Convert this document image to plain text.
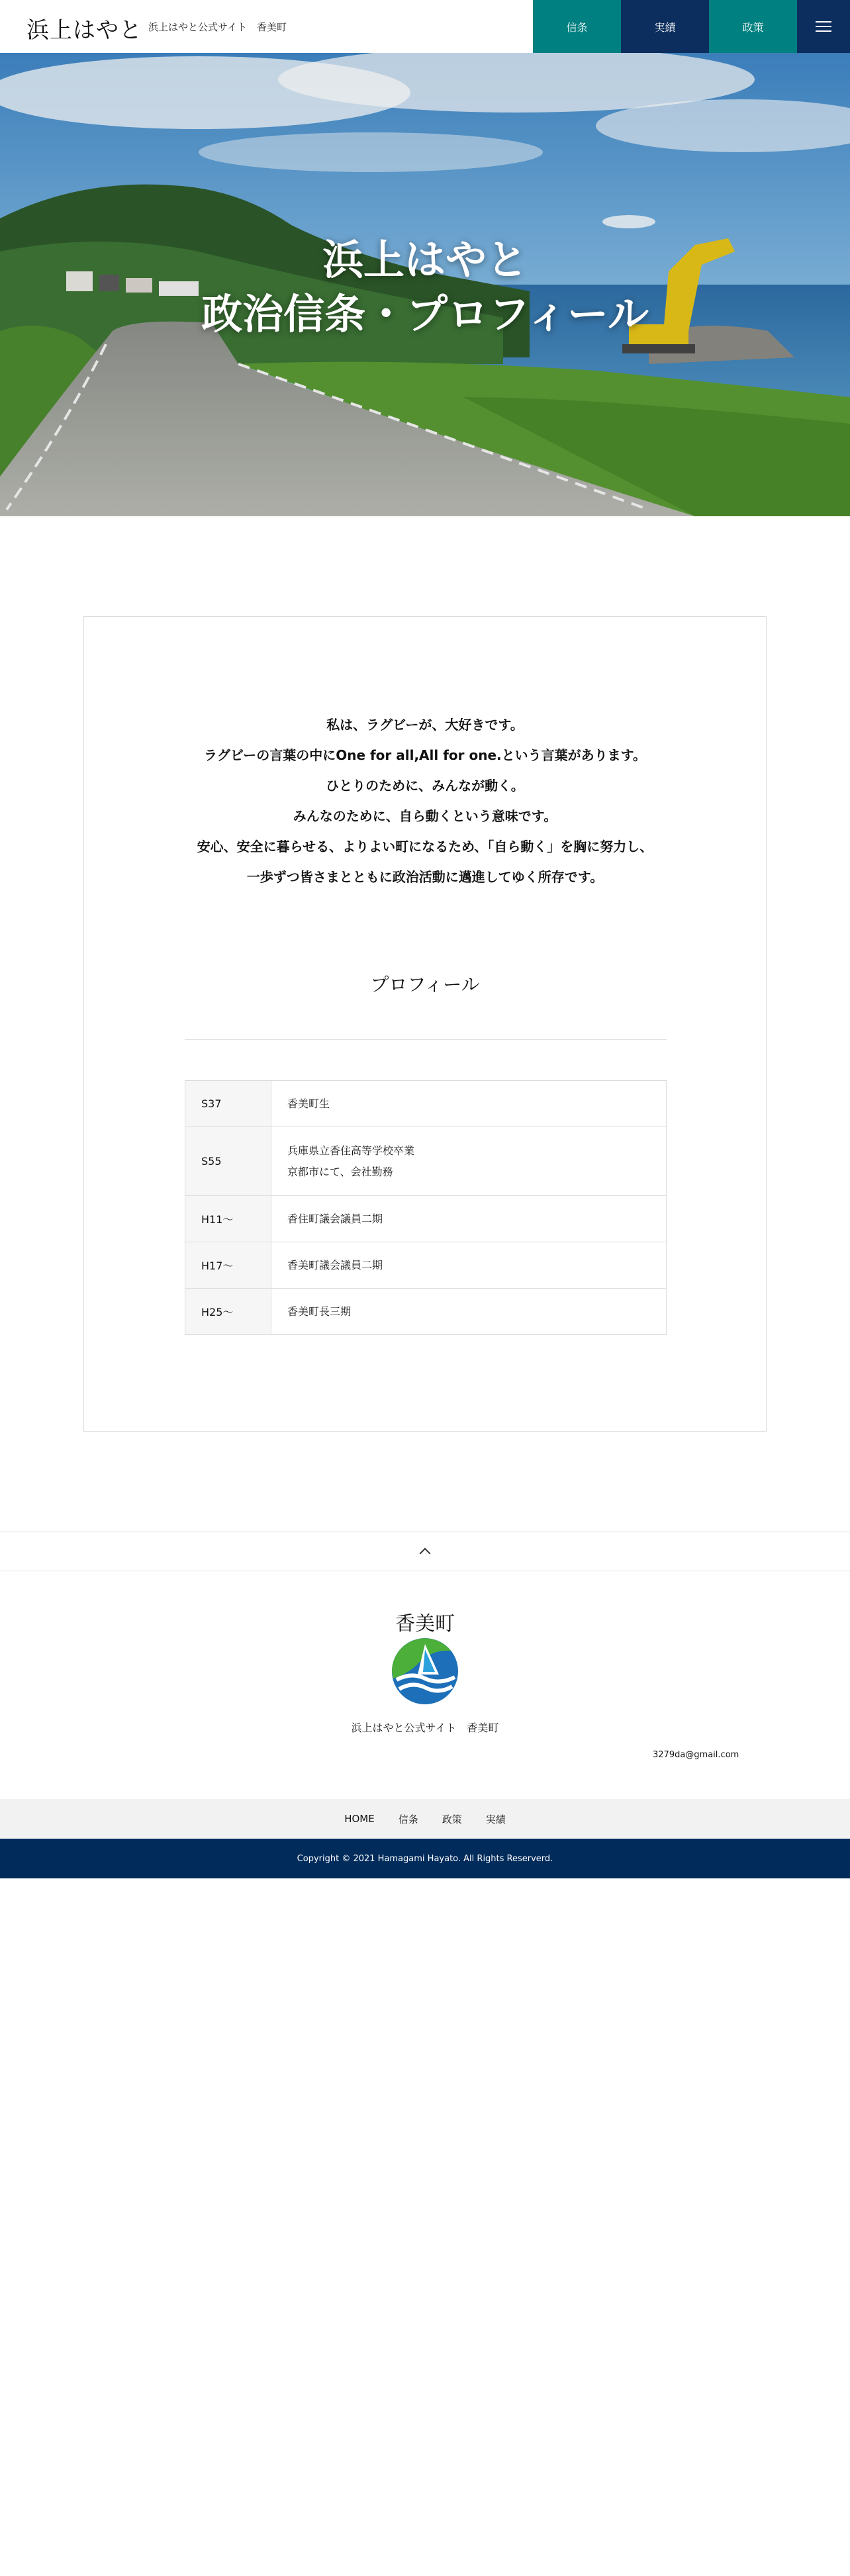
浜上はやと 浜上はやと公式サイト　香美町	信条	実績	政策
浜上はやと
政治信条・プロフィール

私は、ラグビーが、大好きです。

ラグビーの言葉の中にOne for all,All for one.という言葉があります。

ひとりのために、みんなが動く。

みんなのために、自ら動くという意味です。

安心、安全に暮らせる、よりよい町になるため、「自ら動く」を胸に努力し、

一歩ずつ皆さまとともに政治活動に邁進してゆく所存です。

プロフィール
S37	香美町生
S55	兵庫県立香住高等学校卒業
京都市にて、会社勤務

H11〜	香住町議会議員二期
H17〜	香美町議会議員二期
H25〜	香美町長三期
香美町
浜上はやと公式サイト　香美町
3279da@gmail.com
HOME 信条 政策 実績
Copyright © 2021 Hamagami Hayato. All Rights Reserverd.
